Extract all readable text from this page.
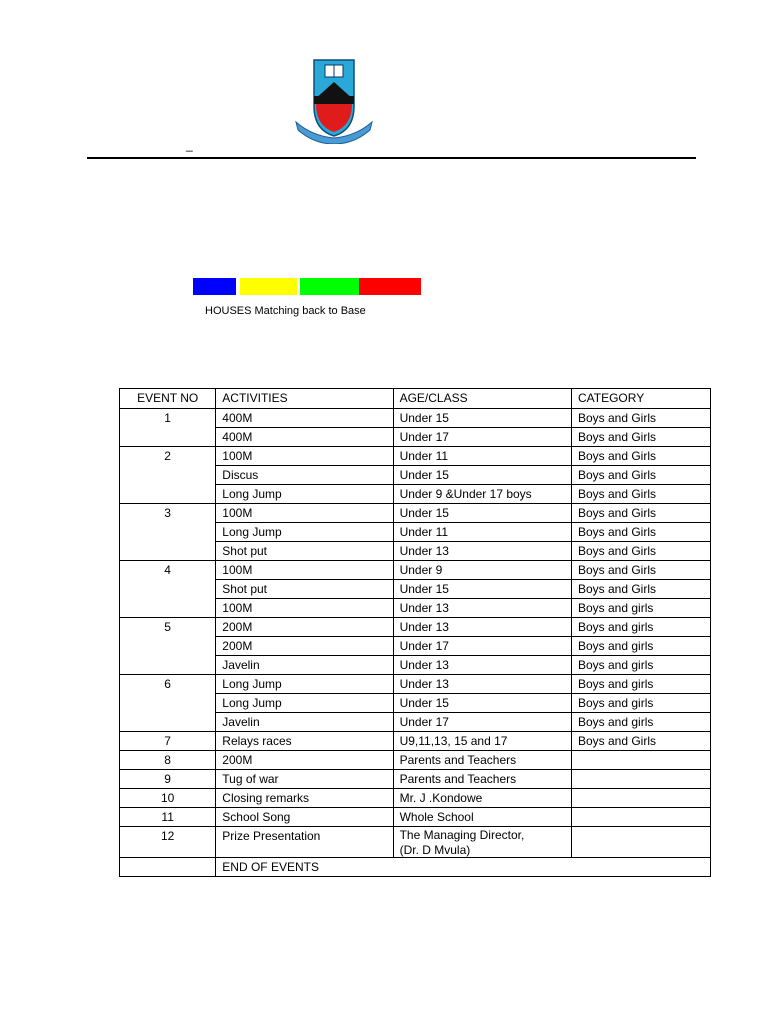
_
HOUSES Matching back to Base
EVENT NO	ACTIVITIES	AGE/CLASS	CATEGORY
1	400M	Under 15	Boys and Girls

	400M	Under 17	Boys and Girls

2	100M	Under 11	Boys and Girls

	Discus	Under 15	Boys and Girls

	Long Jump	Under 9 &Under 17 boys	Boys and Girls

3	100M	Under 15	Boys and Girls

	Long Jump	Under 11	Boys and Girls

	Shot put	Under 13	Boys and Girls

4	100M	Under 9	Boys and Girls

	Shot put	Under 15	Boys and Girls

	100M	Under 13	Boys and girls

5	200M	Under 13	Boys and girls

	200M	Under 17	Boys and girls

	Javelin	Under 13	Boys and girls

6	Long Jump	Under 13	Boys and girls

	Long Jump	Under 15	Boys and girls

	Javelin	Under 17	Boys and girls

7	Relays races	U9,11,13, 15 and 17	Boys and Girls

8	200M	Parents and Teachers	

9	Tug of war	Parents and Teachers	

10	Closing remarks	Mr. J .Kondowe	

11	School Song	Whole School	

12	Prize Presentation	The Managing Director,
(Dr. D Mvula)	

	END OF EVENTS		
